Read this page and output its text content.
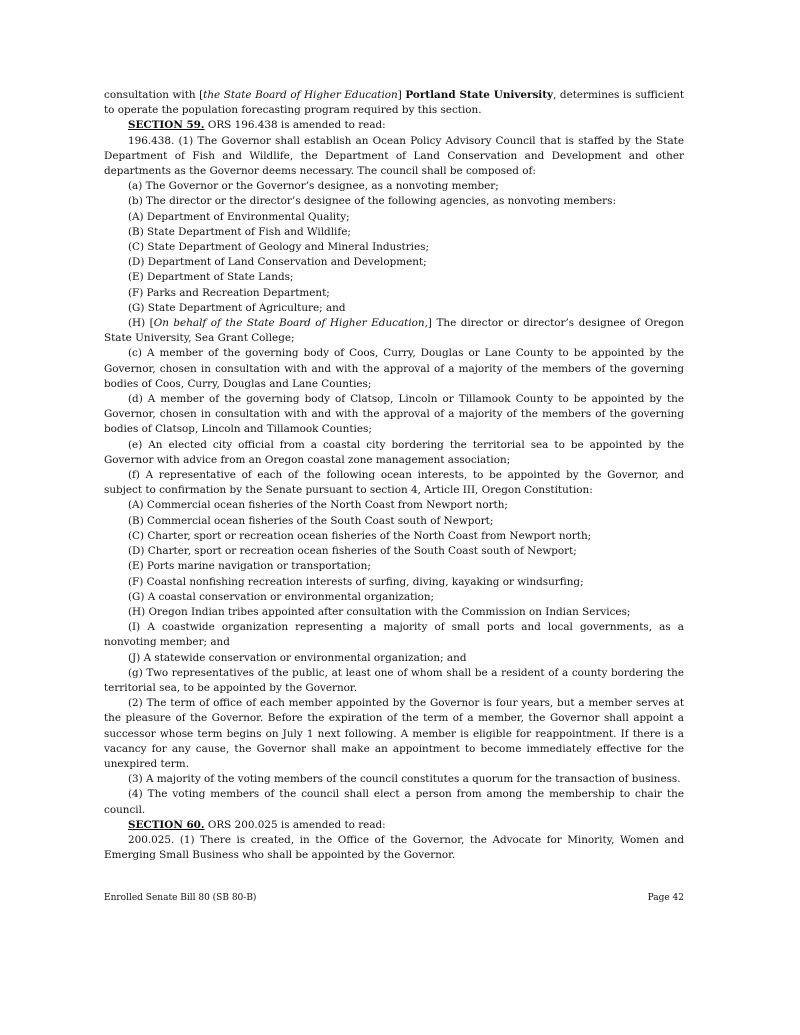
consultation with [the State Board of Higher Education] Portland State University, determines is sufficient to operate the population forecasting program required by this section.

SECTION 59. ORS 196.438 is amended to read:

196.438. (1) The Governor shall establish an Ocean Policy Advisory Council that is staffed by the State Department of Fish and Wildlife, the Department of Land Conservation and Development and other departments as the Governor deems necessary. The council shall be composed of:

(a) The Governor or the Governor’s designee, as a nonvoting member;

(b) The director or the director’s designee of the following agencies, as nonvoting members:

(A) Department of Environmental Quality;

(B) State Department of Fish and Wildlife;

(C) State Department of Geology and Mineral Industries;

(D) Department of Land Conservation and Development;

(E) Department of State Lands;

(F) Parks and Recreation Department;

(G) State Department of Agriculture; and

(H) [On behalf of the State Board of Higher Education,] The director or director’s designee of Oregon State University, Sea Grant College;

(c) A member of the governing body of Coos, Curry, Douglas or Lane County to be appointed by the Governor, chosen in consultation with and with the approval of a majority of the members of the governing bodies of Coos, Curry, Douglas and Lane Counties;

(d) A member of the governing body of Clatsop, Lincoln or Tillamook County to be appointed by the Governor, chosen in consultation with and with the approval of a majority of the members of the governing bodies of Clatsop, Lincoln and Tillamook Counties;

(e) An elected city official from a coastal city bordering the territorial sea to be appointed by the Governor with advice from an Oregon coastal zone management association;

(f) A representative of each of the following ocean interests, to be appointed by the Governor, and subject to confirmation by the Senate pursuant to section 4, Article III, Oregon Constitution:

(A) Commercial ocean fisheries of the North Coast from Newport north;

(B) Commercial ocean fisheries of the South Coast south of Newport;

(C) Charter, sport or recreation ocean fisheries of the North Coast from Newport north;

(D) Charter, sport or recreation ocean fisheries of the South Coast south of Newport;

(E) Ports marine navigation or transportation;

(F) Coastal nonfishing recreation interests of surfing, diving, kayaking or windsurfing;

(G) A coastal conservation or environmental organization;

(H) Oregon Indian tribes appointed after consultation with the Commission on Indian Services;

(I) A coastwide organization representing a majority of small ports and local governments, as a nonvoting member; and

(J) A statewide conservation or environmental organization; and

(g) Two representatives of the public, at least one of whom shall be a resident of a county bordering the territorial sea, to be appointed by the Governor.

(2) The term of office of each member appointed by the Governor is four years, but a member serves at the pleasure of the Governor. Before the expiration of the term of a member, the Governor shall appoint a successor whose term begins on July 1 next following. A member is eligible for reappointment. If there is a vacancy for any cause, the Governor shall make an appointment to become immediately effective for the unexpired term.

(3) A majority of the voting members of the council constitutes a quorum for the transaction of business.

(4) The voting members of the council shall elect a person from among the membership to chair the council.

SECTION 60. ORS 200.025 is amended to read:

200.025. (1) There is created, in the Office of the Governor, the Advocate for Minority, Women and Emerging Small Business who shall be appointed by the Governor.

Enrolled Senate Bill 80 (SB 80-B)	Page 42
